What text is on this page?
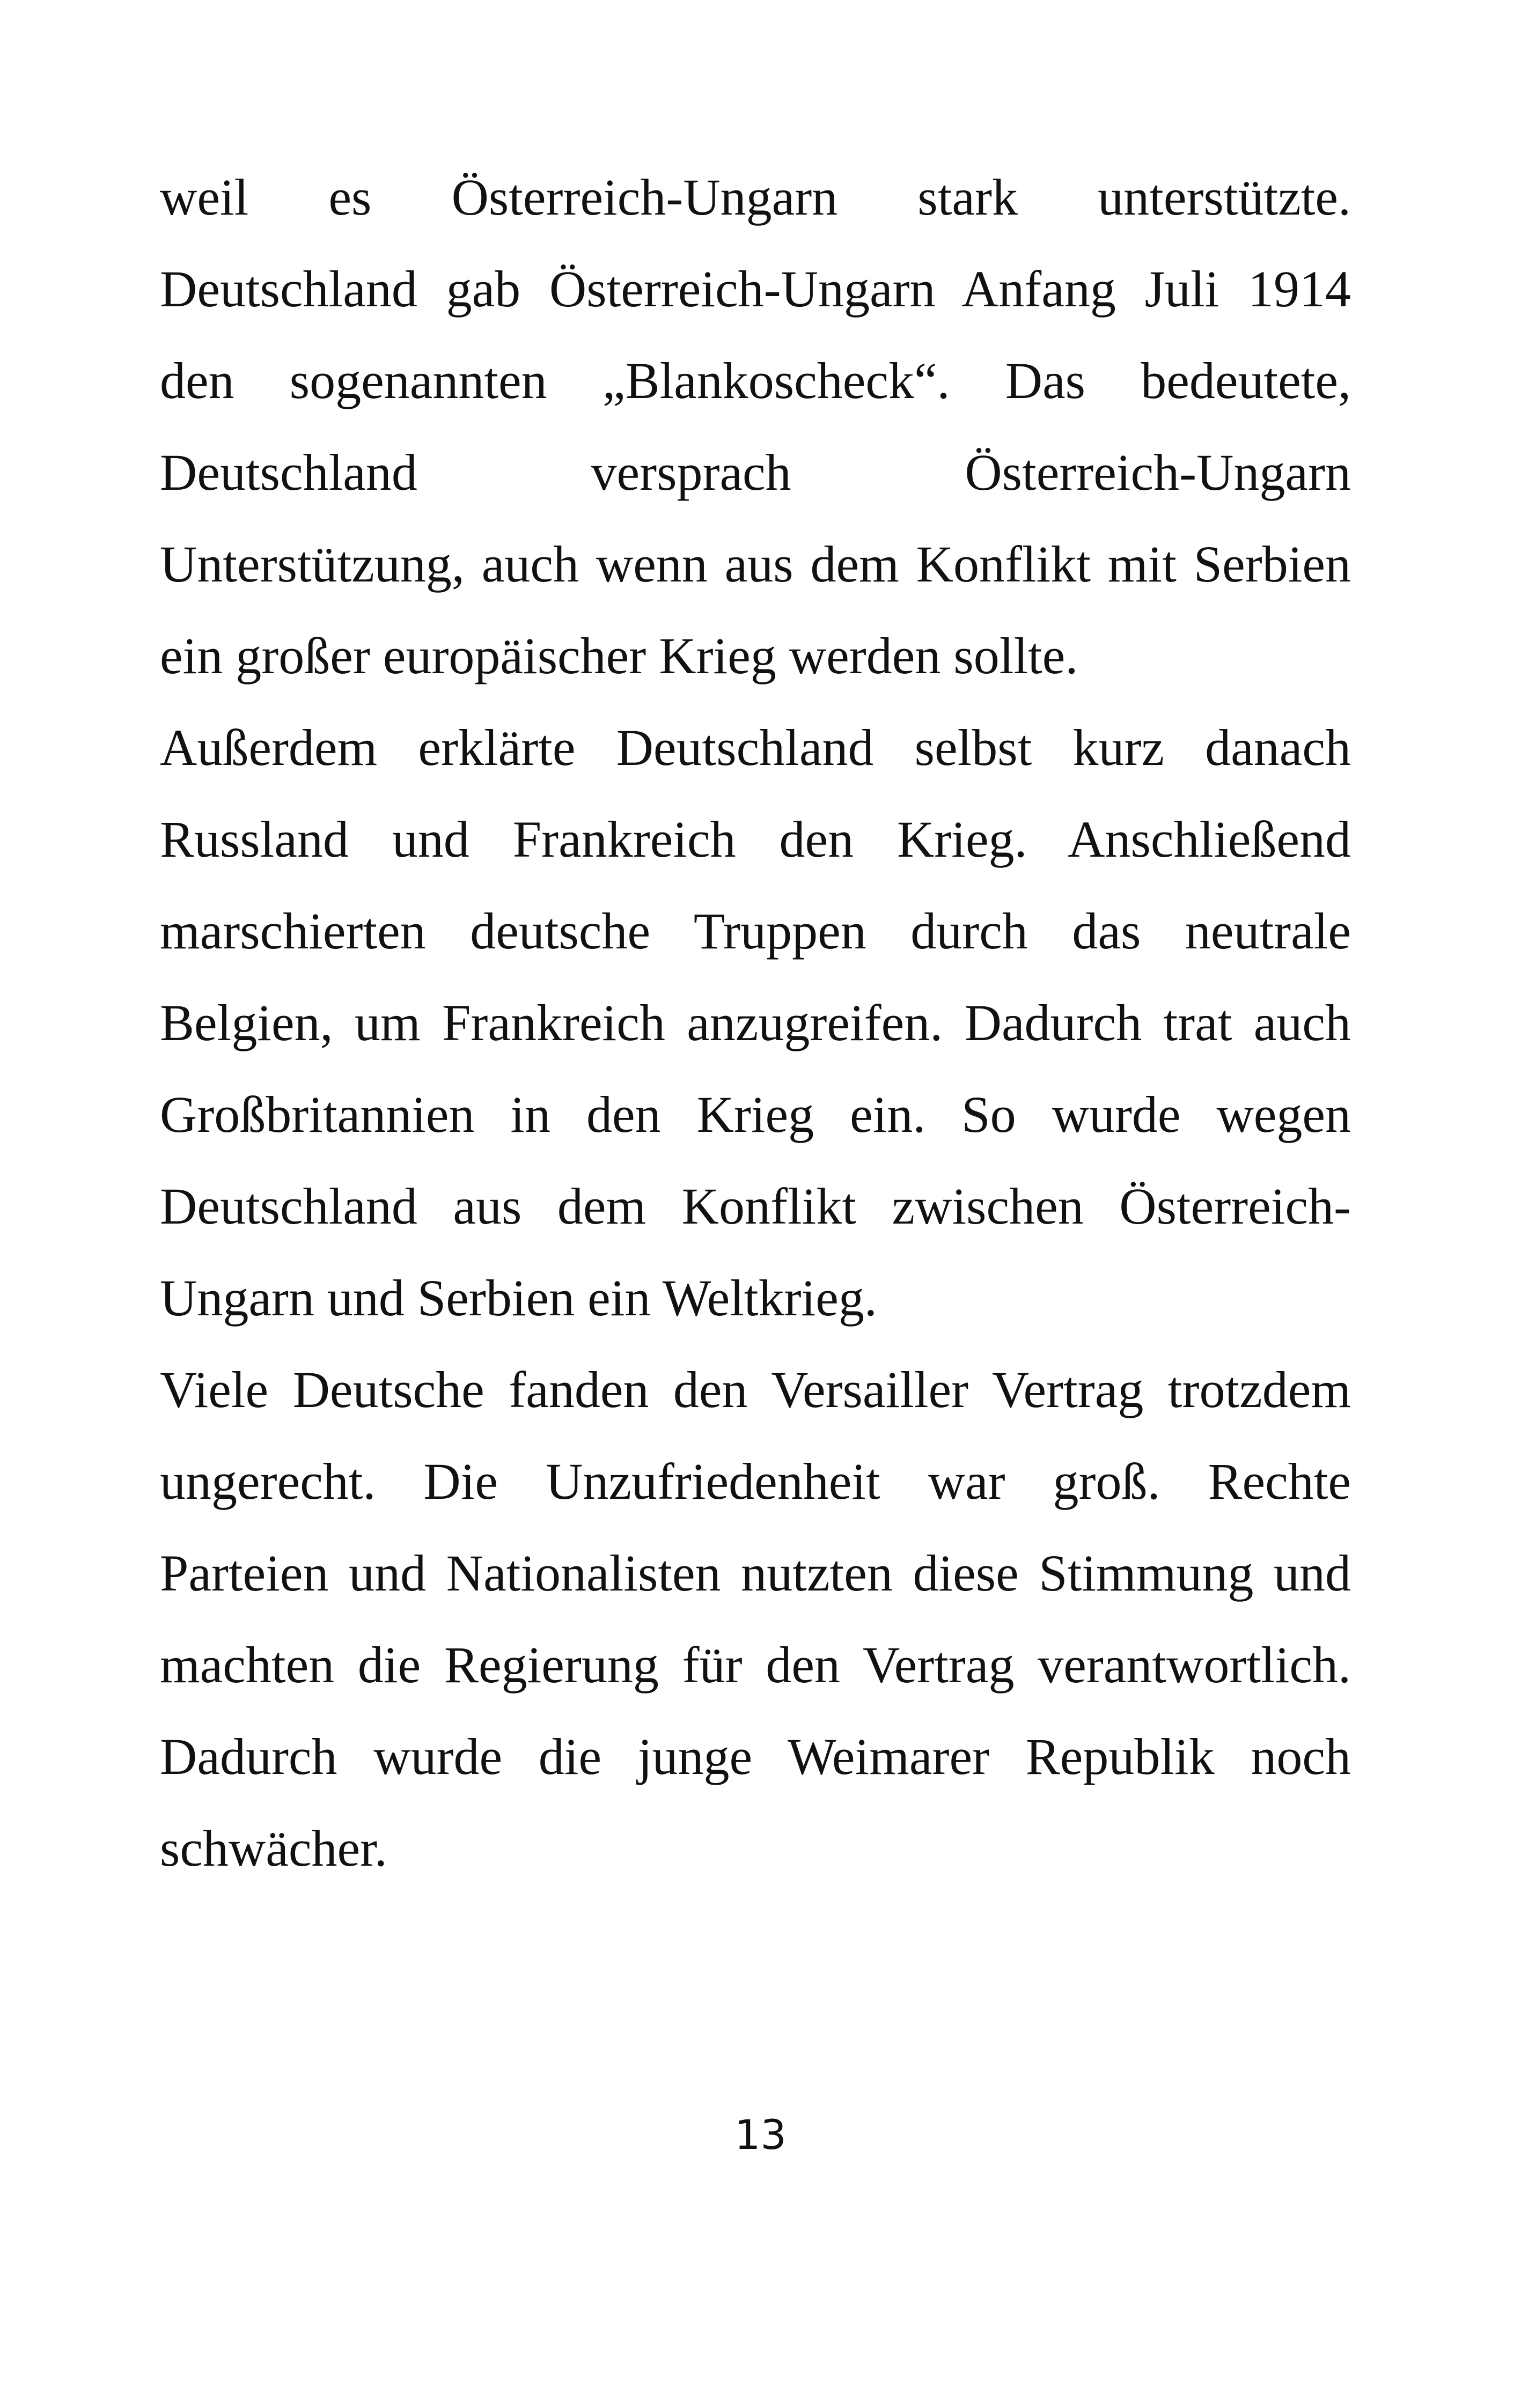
weil es Österreich-Ungarn stark unterstützte.
Deutschland gab Österreich-Ungarn Anfang Juli 1914
den sogenannten „Blankoscheck“. Das bedeutete,
Deutschland versprach Österreich-Ungarn
Unterstützung, auch wenn aus dem Konflikt mit Serbien
ein großer europäischer Krieg werden sollte.
Außerdem erklärte Deutschland selbst kurz danach
Russland und Frankreich den Krieg. Anschließend
marschierten deutsche Truppen durch das neutrale
Belgien, um Frankreich anzugreifen. Dadurch trat auch
Großbritannien in den Krieg ein. So wurde wegen
Deutschland aus dem Konflikt zwischen Österreich-
Ungarn und Serbien ein Weltkrieg.
Viele Deutsche fanden den Versailler Vertrag trotzdem
ungerecht. Die Unzufriedenheit war groß. Rechte
Parteien und Nationalisten nutzten diese Stimmung und
machten die Regierung für den Vertrag verantwortlich.
Dadurch wurde die junge Weimarer Republik noch
schwächer.
13
